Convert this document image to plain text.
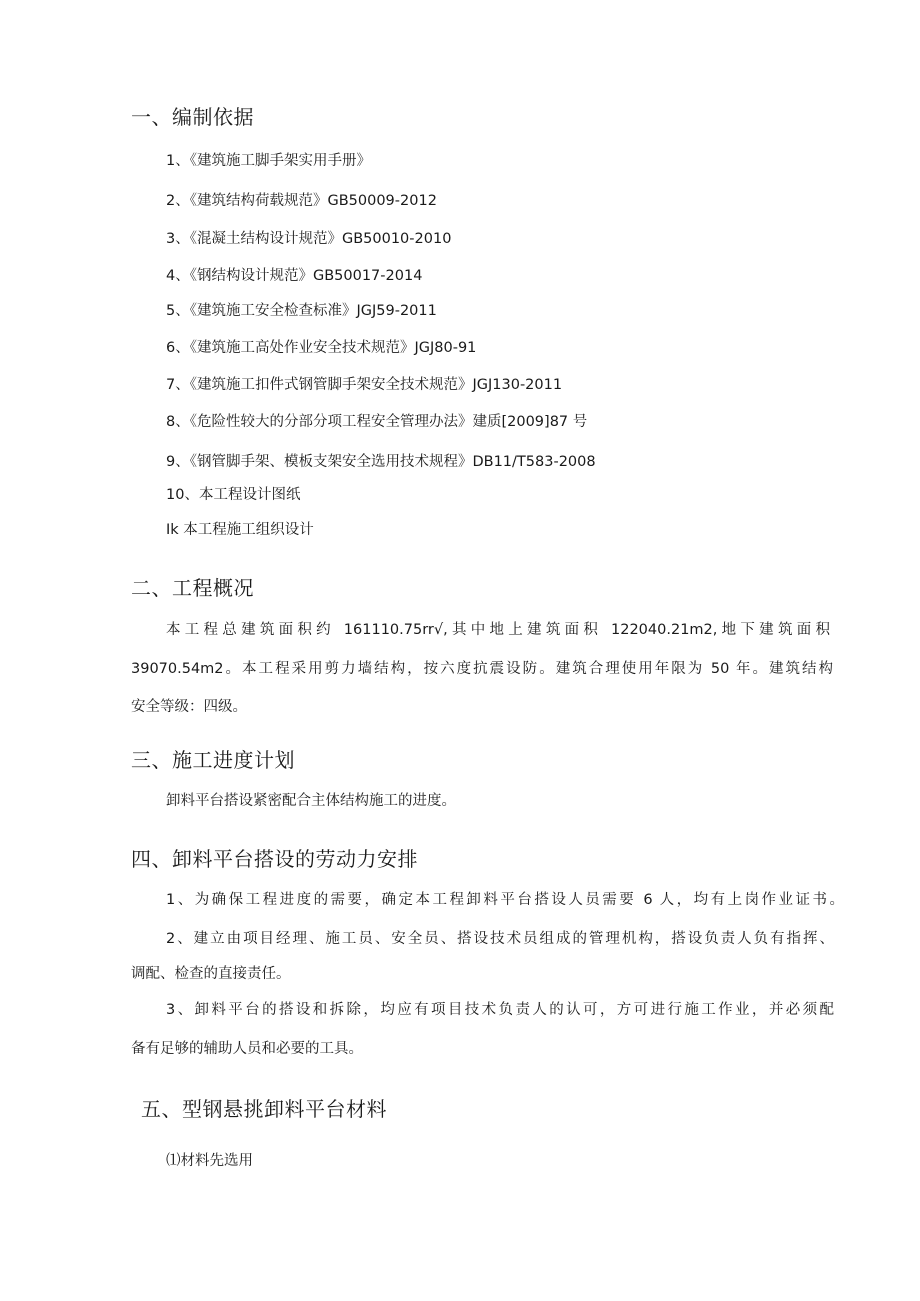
一、编制依据
1、《建筑施工脚手架实用手册》
2、《建筑结构荷载规范》GB50009-2012
3、《混凝土结构设计规范》GB50010-2010
4、《钢结构设计规范》GB50017-2014
5、《建筑施工安全检查标准》JGJ59-2011
6、《建筑施工高处作业安全技术规范》JGJ80-91
7、《建筑施工扣件式钢管脚手架安全技术规范》JGJ130-2011
8、《危险性较大的分部分项工程安全管理办法》建质[2009]87 号
9、《钢管脚手架、模板支架安全选用技术规程》DB11/T583-2008
10、本工程设计图纸
Ik 本工程施工组织设计
二、工程概况
本工程总建筑面积约 161110.75rr√,其中地上建筑面积 122040.21m2,地下建筑面积
39070.54m2。本工程采用剪力墙结构，按六度抗震设防。建筑合理使用年限为 50 年。建筑结构
安全等级：四级。
三、施工进度计划
卸料平台搭设紧密配合主体结构施工的进度。
四、卸料平台搭设的劳动力安排
1、为确保工程进度的需要，确定本工程卸料平台搭设人员需要 6 人，均有上岗作业证书。
2、建立由项目经理、施工员、安全员、搭设技术员组成的管理机构，搭设负责人负有指挥、
调配、检查的直接责任。
3、卸料平台的搭设和拆除，均应有项目技术负责人的认可，方可进行施工作业，并必须配
备有足够的辅助人员和必要的工具。
五、型钢悬挑卸料平台材料
⑴材料先选用
